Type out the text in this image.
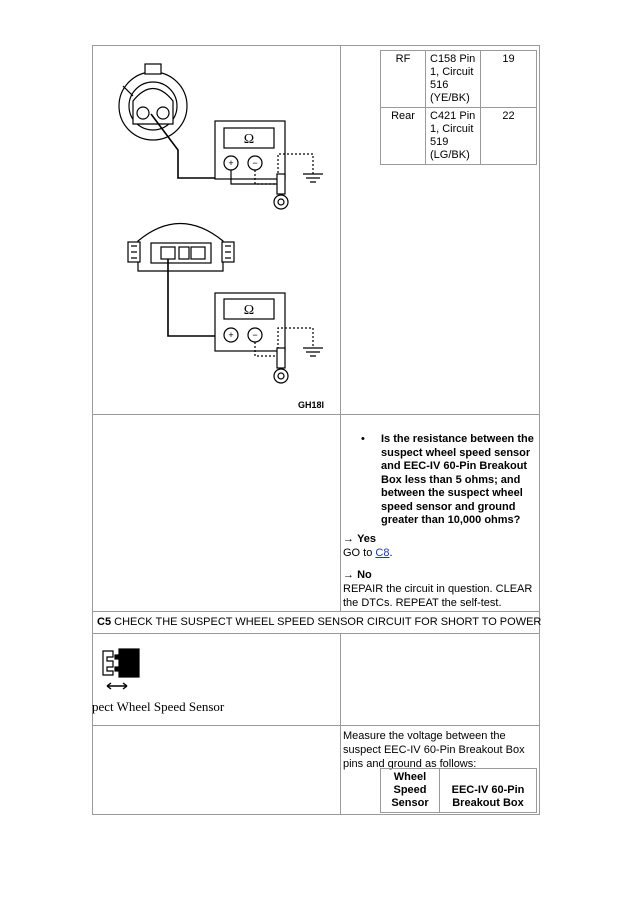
RF	C158 Pin
1, Circuit
516
(YE/BK)	19
Rear	C421 Pin
1, Circuit
519
(LG/BK)	22
Ω
Ω
+ −
+ −
GH18I
• Is the resistance between the
suspect wheel speed sensor
and EEC-IV 60-Pin Breakout
Box less than 5 ohms; and
between the suspect wheel
speed sensor and ground
greater than 10,000 ohms?
→ Yes
GO to C8.
→ No
REPAIR the circuit in question. CLEAR
the DTCs. REPEAT the self-test.
C5 CHECK THE SUSPECT WHEEL SPEED SENSOR CIRCUIT FOR SHORT TO POWER
pect Wheel Speed Sensor
Measure the voltage between the
suspect EEC-IV 60-Pin Breakout Box
pins and ground as follows:
Wheel
Speed
Sensor

EEC-IV 60-Pin
Breakout Box
